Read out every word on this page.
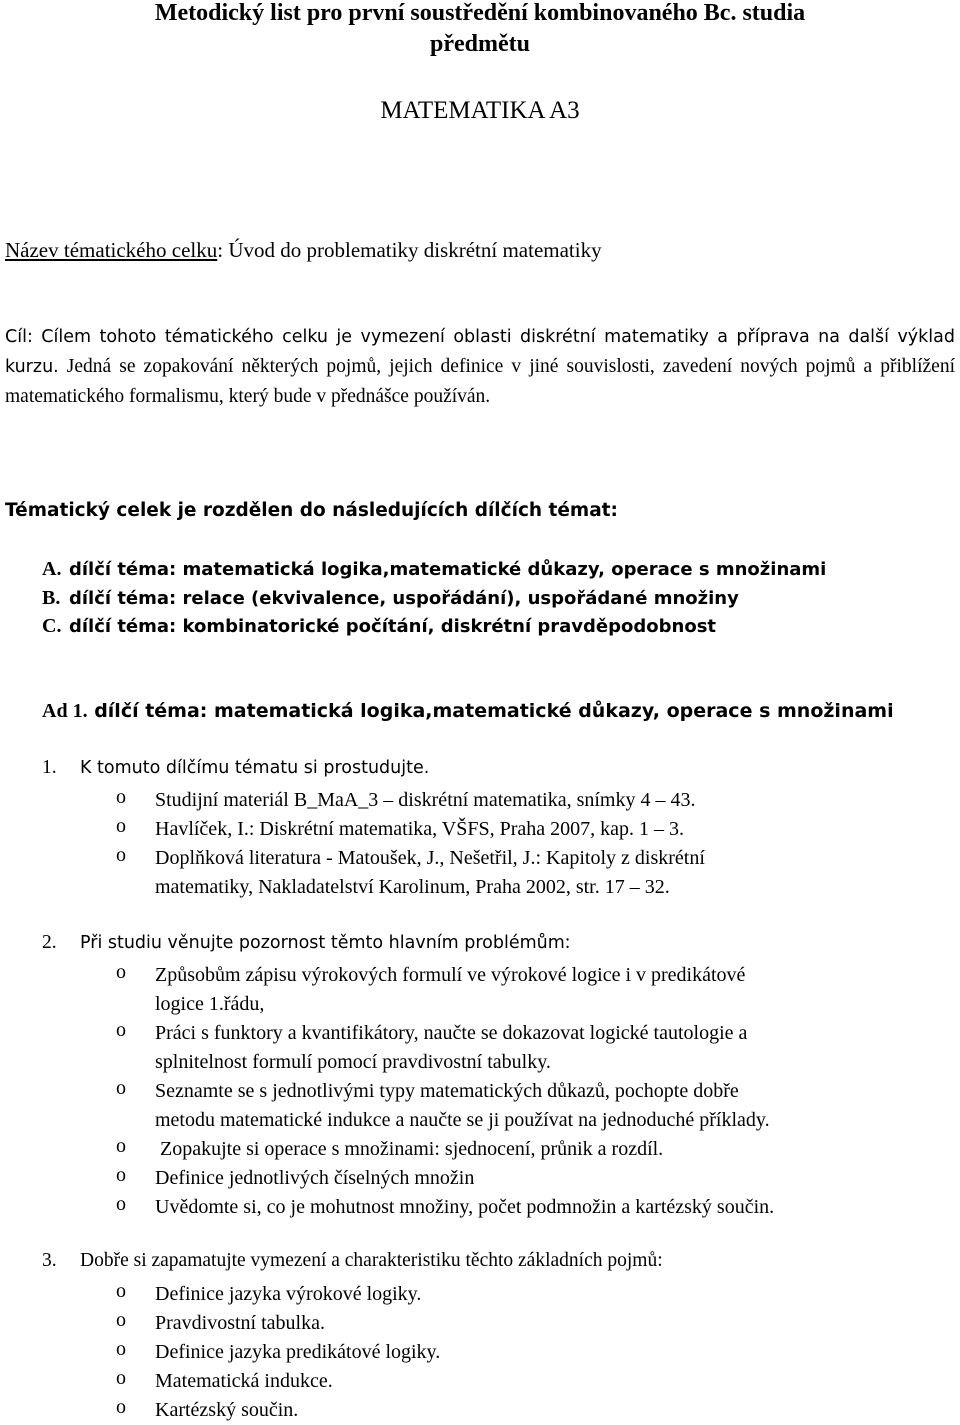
Metodický list pro první soustředění kombinovaného Bc. studia
předmětu
MATEMATIKA A3
Název tématického celku: Úvod do problematiky diskrétní matematiky
Cíl: Cílem tohoto tématického celku je vymezení oblasti diskrétní matematiky a příprava na další výklad kurzu. Jedná se zopakování některých pojmů, jejich definice v jiné souvislosti, zavedení nových pojmů a přiblížení matematického formalismu, který bude v přednášce používán.
Tématický celek je rozdělen do následujících dílčích témat:
A. dílčí téma: matematická logika,matematické důkazy, operace s množinami
B. dílčí téma: relace (ekvivalence, uspořádání), uspořádané množiny
C. dílčí téma: kombinatorické počítání, diskrétní pravděpodobnost
Ad 1. dílčí téma: matematická logika,matematické důkazy, operace s množinami
1. K tomuto dílčímu tématu si prostudujte.
o Studijní materiál B_MaA_3 – diskrétní matematika, snímky 4 – 43.
o Havlíček, I.: Diskrétní matematika, VŠFS, Praha 2007, kap. 1 – 3.
o Doplňková literatura - Matoušek, J., Nešetřil, J.: Kapitoly z diskrétní
matematiky, Nakladatelství Karolinum, Praha 2002, str. 17 – 32.
2. Při studiu věnujte pozornost těmto hlavním problémům:
o Způsobům zápisu výrokových formulí ve výrokové logice i v predikátové
logice 1.řádu,
o Práci s funktory a kvantifikátory, naučte se dokazovat logické tautologie a
splnitelnost formulí pomocí pravdivostní tabulky.
o Seznamte se s jednotlivými typy matematických důkazů, pochopte dobře
metodu matematické indukce a naučte se ji používat na jednoduché příklady.
o Zopakujte si operace s množinami: sjednocení, průnik a rozdíl.
o Definice jednotlivých číselných množin
o Uvědomte si, co je mohutnost množiny, počet podmnožin a kartézský součin.
3. Dobře si zapamatujte vymezení a charakteristiku těchto základních pojmů:
o Definice jazyka výrokové logiky.
o Pravdivostní tabulka.
o Definice jazyka predikátové logiky.
o Matematická indukce.
o Kartézský součin.
